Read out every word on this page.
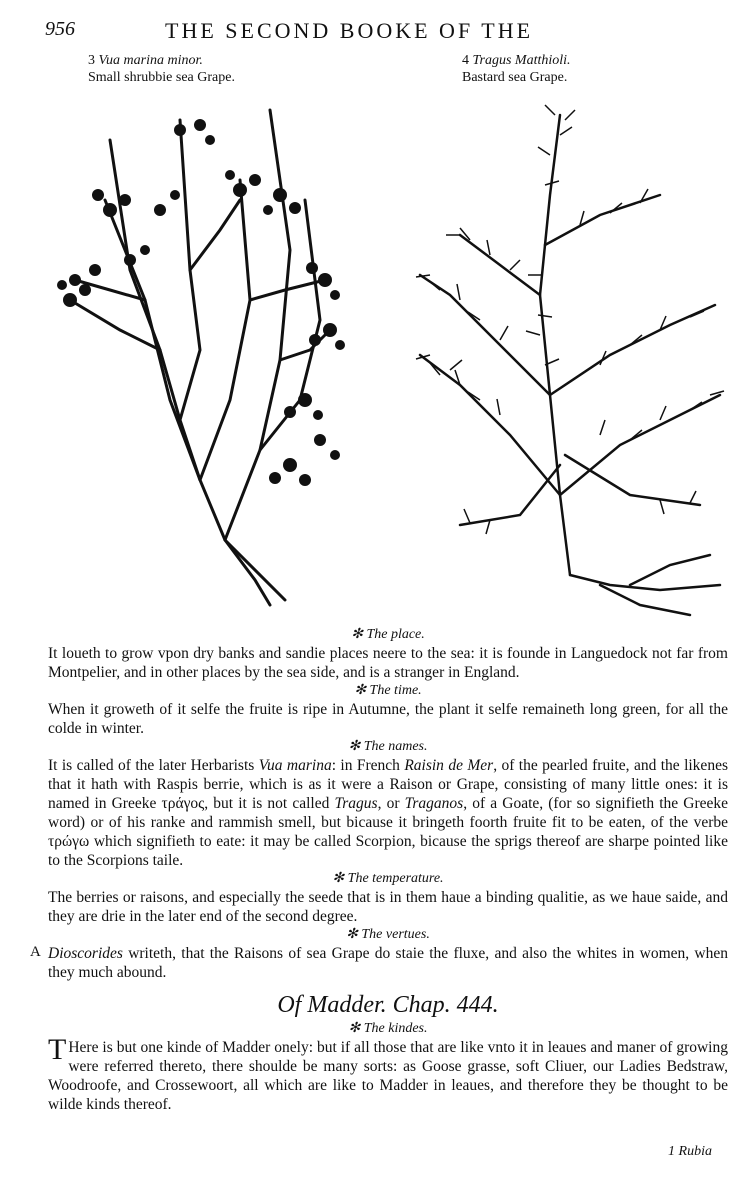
956	THE SECOND BOOKE OF THE
3 Vua marina minor.
Small shrubbie sea Grape.
4 Tragus Matthioli.
Bastard sea Grape.
✻ The place.

It loueth to grow vpon dry banks and sandie places neere to the sea: it is founde in Languedock not far from Montpelier, and in other places by the sea side, and is a stranger in England.

✻ The time.

When it groweth of it selfe the fruite is ripe in Autumne, the plant it selfe remaineth long green, for all the colde in winter.

✻ The names.

It is called of the later Herbarists Vua marina: in French Raisin de Mer, of the pearled fruite, and the likenes that it hath with Raspis berrie, which is as it were a Raison or Grape, consisting of many little ones: it is named in Greeke τράγος, but it is not called Tragus, or Traganos, of a Goate, (for so signifieth the Greeke word) or of his ranke and rammish smell, but bicause it bringeth foorth fruite fit to be eaten, of the verbe τρώγω which signifieth to eate: it may be called Scorpion, bicause the sprigs thereof are sharpe pointed like to the Scorpions taile.

✻ The temperature.

The berries or raisons, and especially the seede that is in them haue a binding qualitie, as we haue saide, and they are drie in the later end of the second degree.

✻ The vertues.
A Dioscorides writeth, that the Raisons of sea Grape do staie the fluxe, and also the whites in women, when they much abound.

Of Madder. Chap. 444.
✻ The kindes.

T Here is but one kinde of Madder onely: but if all those that are like vnto it in leaues and maner of growing were referred thereto, there shoulde be many sorts: as Goose grasse, soft Cliuer, our Ladies Bedstraw, Woodroofe, and Crossewoort, all which are like to Madder in leaues, and therefore they be thought to be wilde kinds thereof.

1 Rubia
